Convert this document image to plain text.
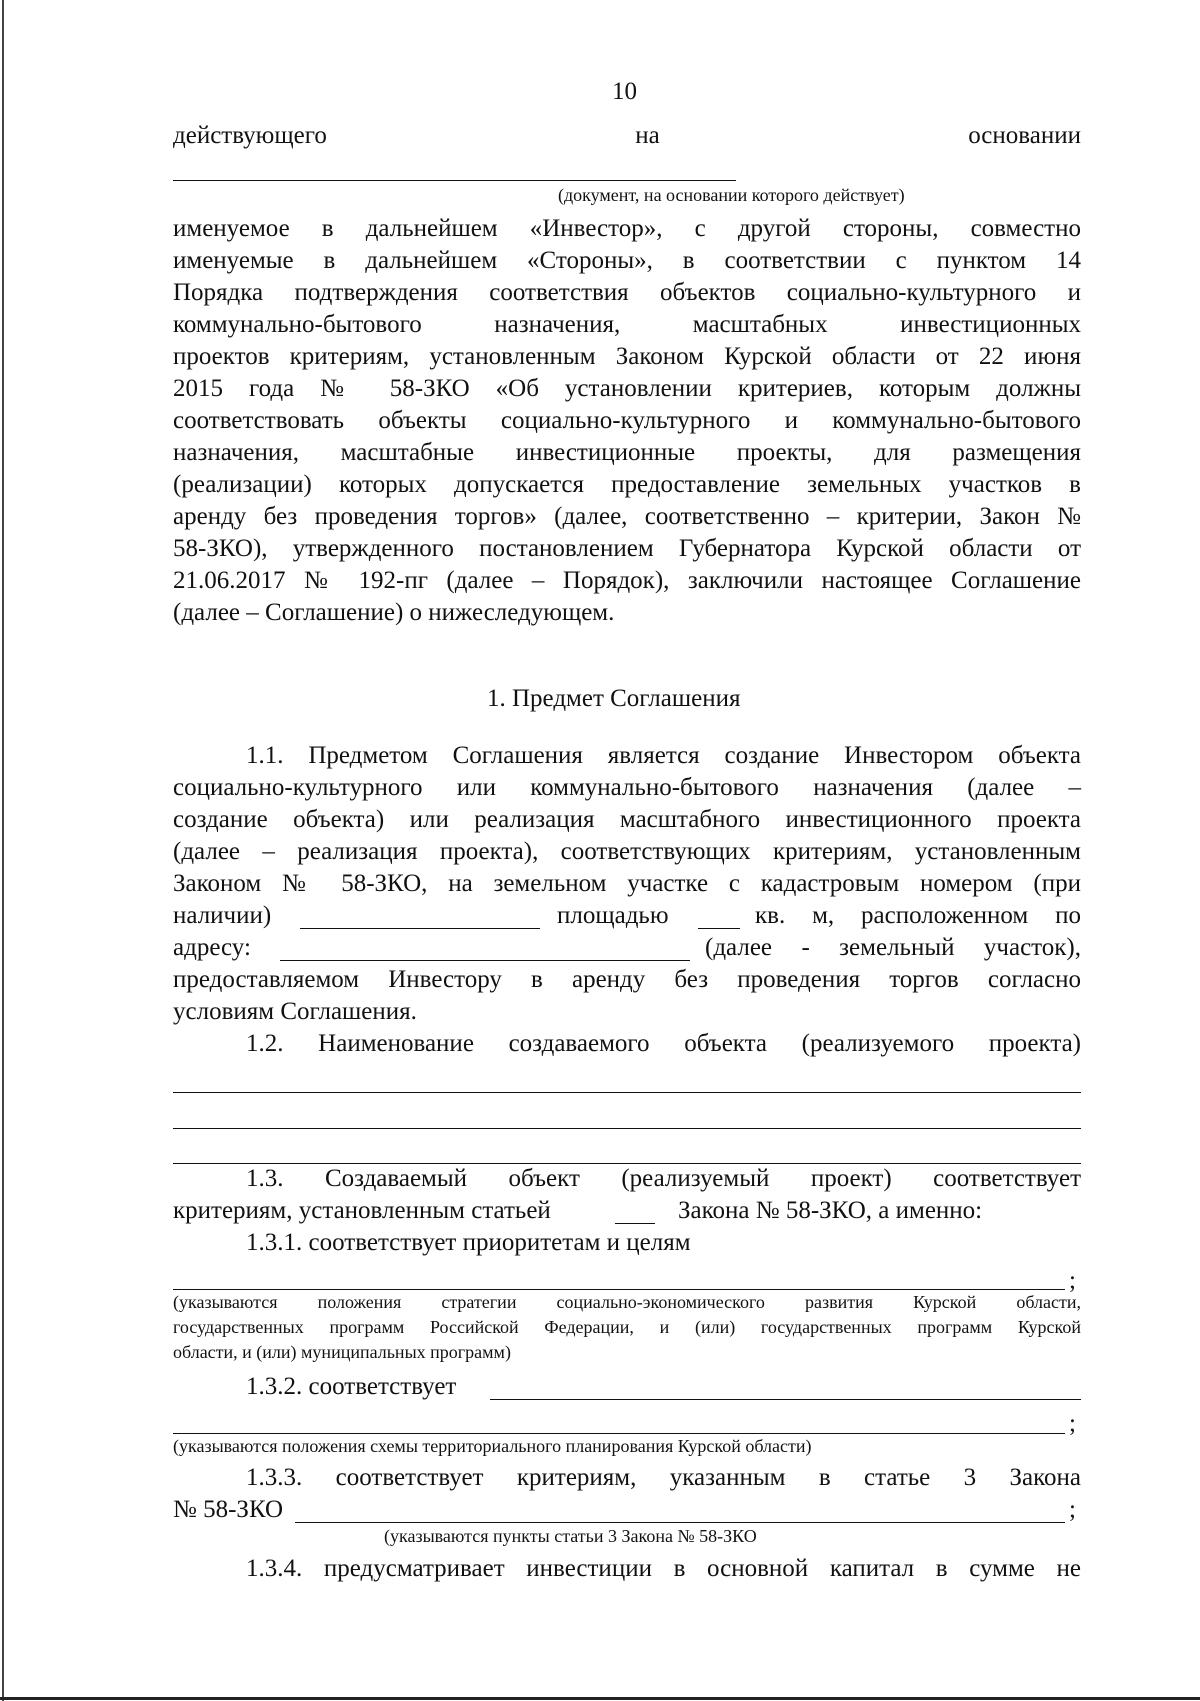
10
действующего	на	основании
(документ, на основании которого действует)
именуемое в дальнейшем «Инвестор», с другой стороны, совместно
именуемые в дальнейшем «Стороны», в соответствии с пунктом 14
Порядка подтверждения соответствия объектов социально-культурного и
коммунально-бытового назначения, масштабных инвестиционных
проектов критериям, установленным Законом Курской области от 22 июня
2015 года № 58-ЗКО «Об установлении критериев, которым должны
соответствовать объекты социально-культурного и коммунально-бытового
назначения, масштабные инвестиционные проекты, для размещения
(реализации) которых допускается предоставление земельных участков в
аренду без проведения торгов» (далее, соответственно – критерии, Закон №
58-ЗКО), утвержденного постановлением Губернатора Курской области от
21.06.2017 № 192-пг (далее – Порядок), заключили настоящее Соглашение
(далее – Соглашение) о нижеследующем.
1. Предмет Соглашения
1.1. Предметом Соглашения является создание Инвестором объекта
социально-культурного или коммунально-бытового назначения (далее –
создание объекта) или реализация масштабного инвестиционного проекта
(далее – реализация проекта), соответствующих критериям, установленным
Законом № 58-ЗКО, на земельном участке с кадастровым номером (при
наличии)	площадью	кв. м, расположенном по
адресу:	(далее - земельный участок),
предоставляемом Инвестору в аренду без проведения торгов согласно
условиям Соглашения.
1.2. Наименование создаваемого объекта (реализуемого проекта)
1.3. Создаваемый объект (реализуемый проект) соответствует
критериям, установленным статьей	Закона № 58-ЗКО, а именно:
1.3.1. соответствует приоритетам и целям
;
(указываются положения стратегии социально-экономического развития Курской области,
государственных программ Российской Федерации, и (или) государственных программ Курской
области, и (или) муниципальных программ)
1.3.2. соответствует
;
(указываются положения схемы территориального планирования Курской области)
1.3.3. соответствует критериям, указанным в статье 3 Закона
№ 58-ЗКО	;
(указываются пункты статьи 3 Закона № 58-ЗКО
1.3.4. предусматривает инвестиции в основной капитал в сумме не
